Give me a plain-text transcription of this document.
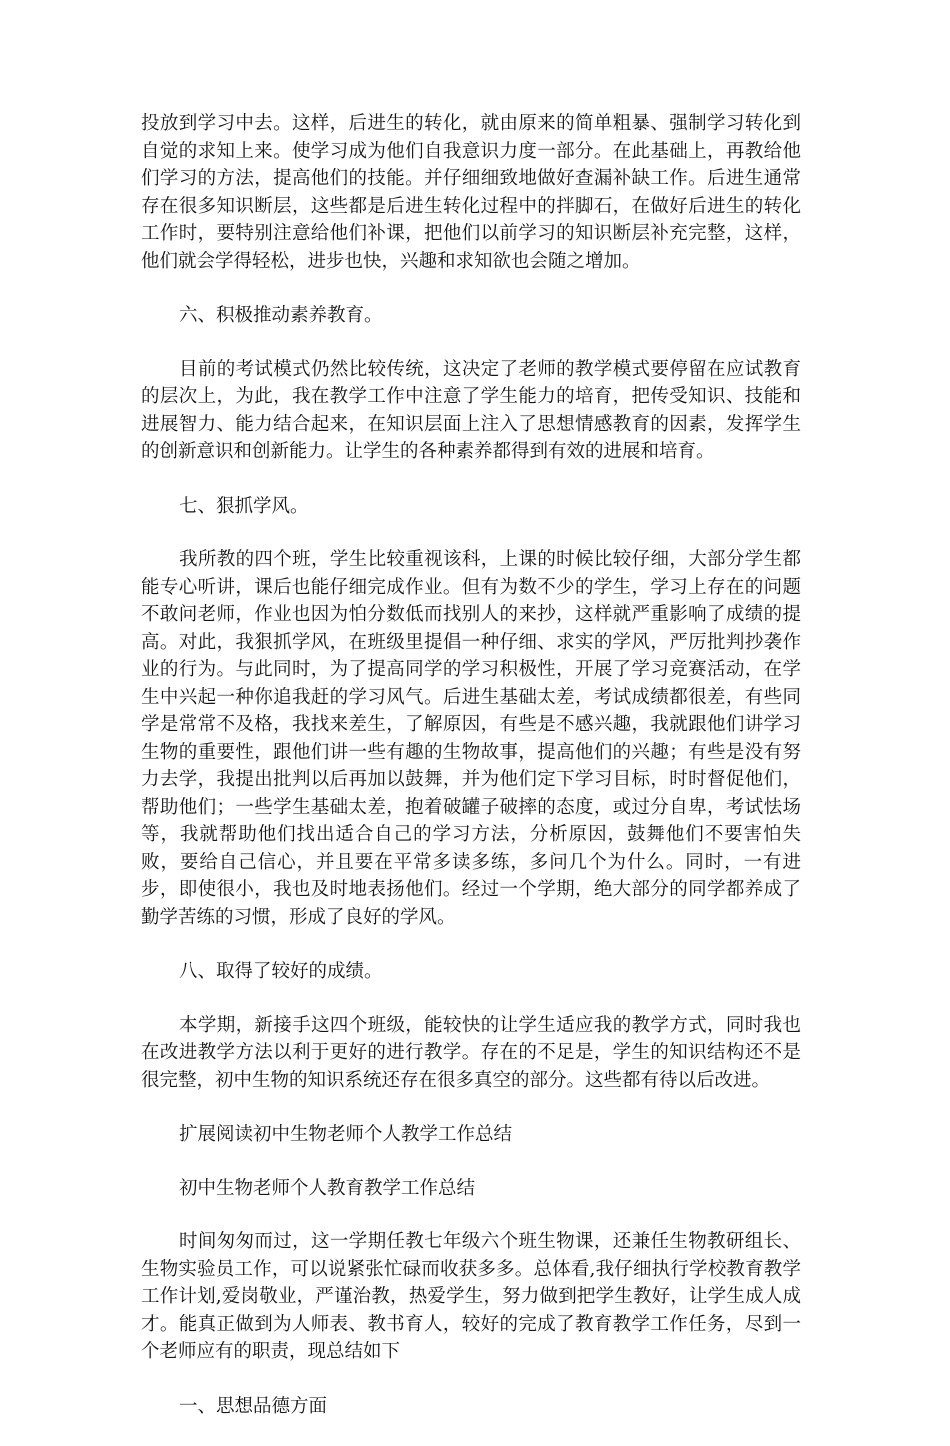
投放到学习中去。这样，后进生的转化，就由原来的简单粗暴、强制学习转化到自觉的求知上来。使学习成为他们自我意识力度一部分。在此基础上，再教给他们学习的方法，提高他们的技能。并仔细细致地做好查漏补缺工作。后进生通常存在很多知识断层，这些都是后进生转化过程中的拌脚石，在做好后进生的转化工作时，要特别注意给他们补课，把他们以前学习的知识断层补充完整，这样，他们就会学得轻松，进步也快，兴趣和求知欲也会随之增加。

六、积极推动素养教育。

目前的考试模式仍然比较传统，这决定了老师的教学模式要停留在应试教育的层次上，为此，我在教学工作中注意了学生能力的培育，把传受知识、技能和进展智力、能力结合起来，在知识层面上注入了思想情感教育的因素，发挥学生的创新意识和创新能力。让学生的各种素养都得到有效的进展和培育。

七、狠抓学风。

我所教的四个班，学生比较重视该科，上课的时候比较仔细，大部分学生都能专心听讲，课后也能仔细完成作业。但有为数不少的学生，学习上存在的问题不敢问老师，作业也因为怕分数低而找别人的来抄，这样就严重影响了成绩的提高。对此，我狠抓学风，在班级里提倡一种仔细、求实的学风，严厉批判抄袭作业的行为。与此同时，为了提高同学的学习积极性，开展了学习竞赛活动，在学生中兴起一种你追我赶的学习风气。后进生基础太差，考试成绩都很差，有些同学是常常不及格，我找来差生，了解原因，有些是不感兴趣，我就跟他们讲学习生物的重要性，跟他们讲一些有趣的生物故事，提高他们的兴趣；有些是没有努力去学，我提出批判以后再加以鼓舞，并为他们定下学习目标，时时督促他们，帮助他们；一些学生基础太差，抱着破罐子破摔的态度，或过分自卑，考试怯场等，我就帮助他们找出适合自己的学习方法，分析原因，鼓舞他们不要害怕失败，要给自己信心，并且要在平常多读多练，多问几个为什么。同时，一有进步，即使很小，我也及时地表扬他们。经过一个学期，绝大部分的同学都养成了勤学苦练的习惯，形成了良好的学风。

八、取得了较好的成绩。

本学期，新接手这四个班级，能较快的让学生适应我的教学方式，同时我也在改进教学方法以利于更好的进行教学。存在的不足是，学生的知识结构还不是很完整，初中生物的知识系统还存在很多真空的部分。这些都有待以后改进。

扩展阅读初中生物老师个人教学工作总结

初中生物老师个人教育教学工作总结

时间匆匆而过，这一学期任教七年级六个班生物课，还兼任生物教研组长、生物实验员工作，可以说紧张忙碌而收获多多。总体看,我仔细执行学校教育教学工作计划,爱岗敬业，严谨治教，热爱学生，努力做到把学生教好，让学生成人成才。能真正做到为人师表、教书育人，较好的完成了教育教学工作任务，尽到一个老师应有的职责，现总结如下

一、思想品德方面
